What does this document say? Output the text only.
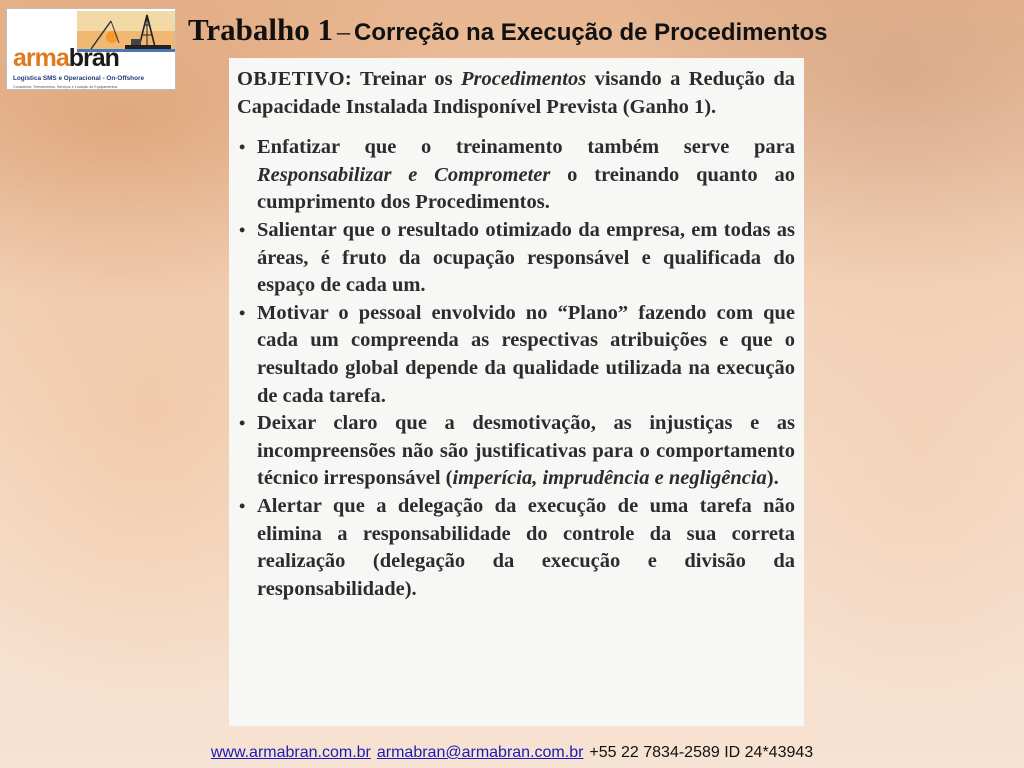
armabran
Logística SMS e Operacional - On-Offshore
Consultoria, Treinamentos, Serviços e Locação de Equipamentos
Trabalho 1 – Correção na Execução de Procedimentos

OBJETIVO: Treinar os Procedimentos visando a Redução da Capacidade Instalada Indisponível Prevista (Ganho 1).

• Enfatizar que o treinamento também serve para Responsabilizar e Comprometer o treinando quanto ao cumprimento dos Procedimentos.
• Salientar que o resultado otimizado da empresa, em todas as áreas, é fruto da ocupação responsável e qualificada do espaço de cada um.
• Motivar o pessoal envolvido no “Plano” fazendo com que cada um compreenda as respectivas atribuições e que o resultado global depende da qualidade utilizada na execução de cada tarefa.
• Deixar claro que a desmotivação, as injustiças e as incompreensões não são justificativas para o comportamento técnico irresponsável (imperícia, imprudência e negligência).
• Alertar que a delegação da execução de uma tarefa não elimina a responsabilidade do controle da sua correta realização (delegação da execução e divisão da responsabilidade).
www.armabran.com.br armabran@armabran.com.br +55 22 7834-2589 ID 24*43943
